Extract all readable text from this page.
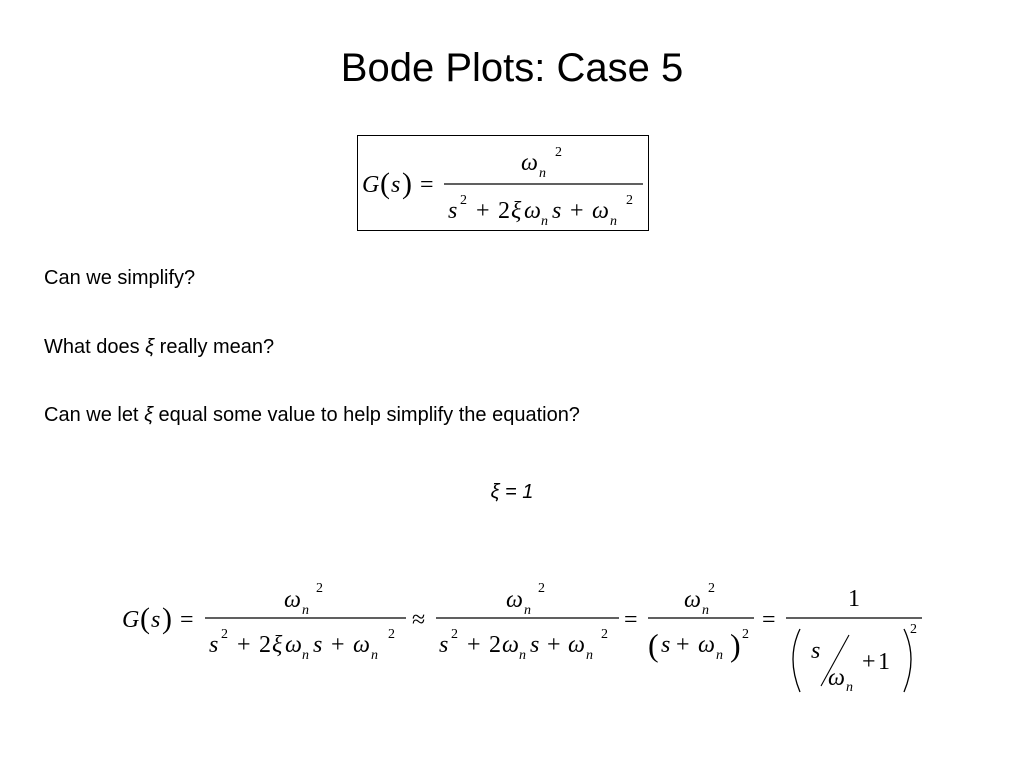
Bode Plots: Case 5
G ( s ) =
ω n
2
s 2 + 2 ξ ω n s + ω n
2
Can we simplify?
What does ξ really mean?
Can we let ξ equal some value to help simplify the equation?
ξ = 1
G ( s ) =
ω n
2
s 2 + 2 ξ ω n s + ω n
2
≈
ω n
2
s 2 + 2 ω n s + ω n
2
=
ω n
2
( s + ω n ) 2
=
1
s
ω n
+ 1
2
